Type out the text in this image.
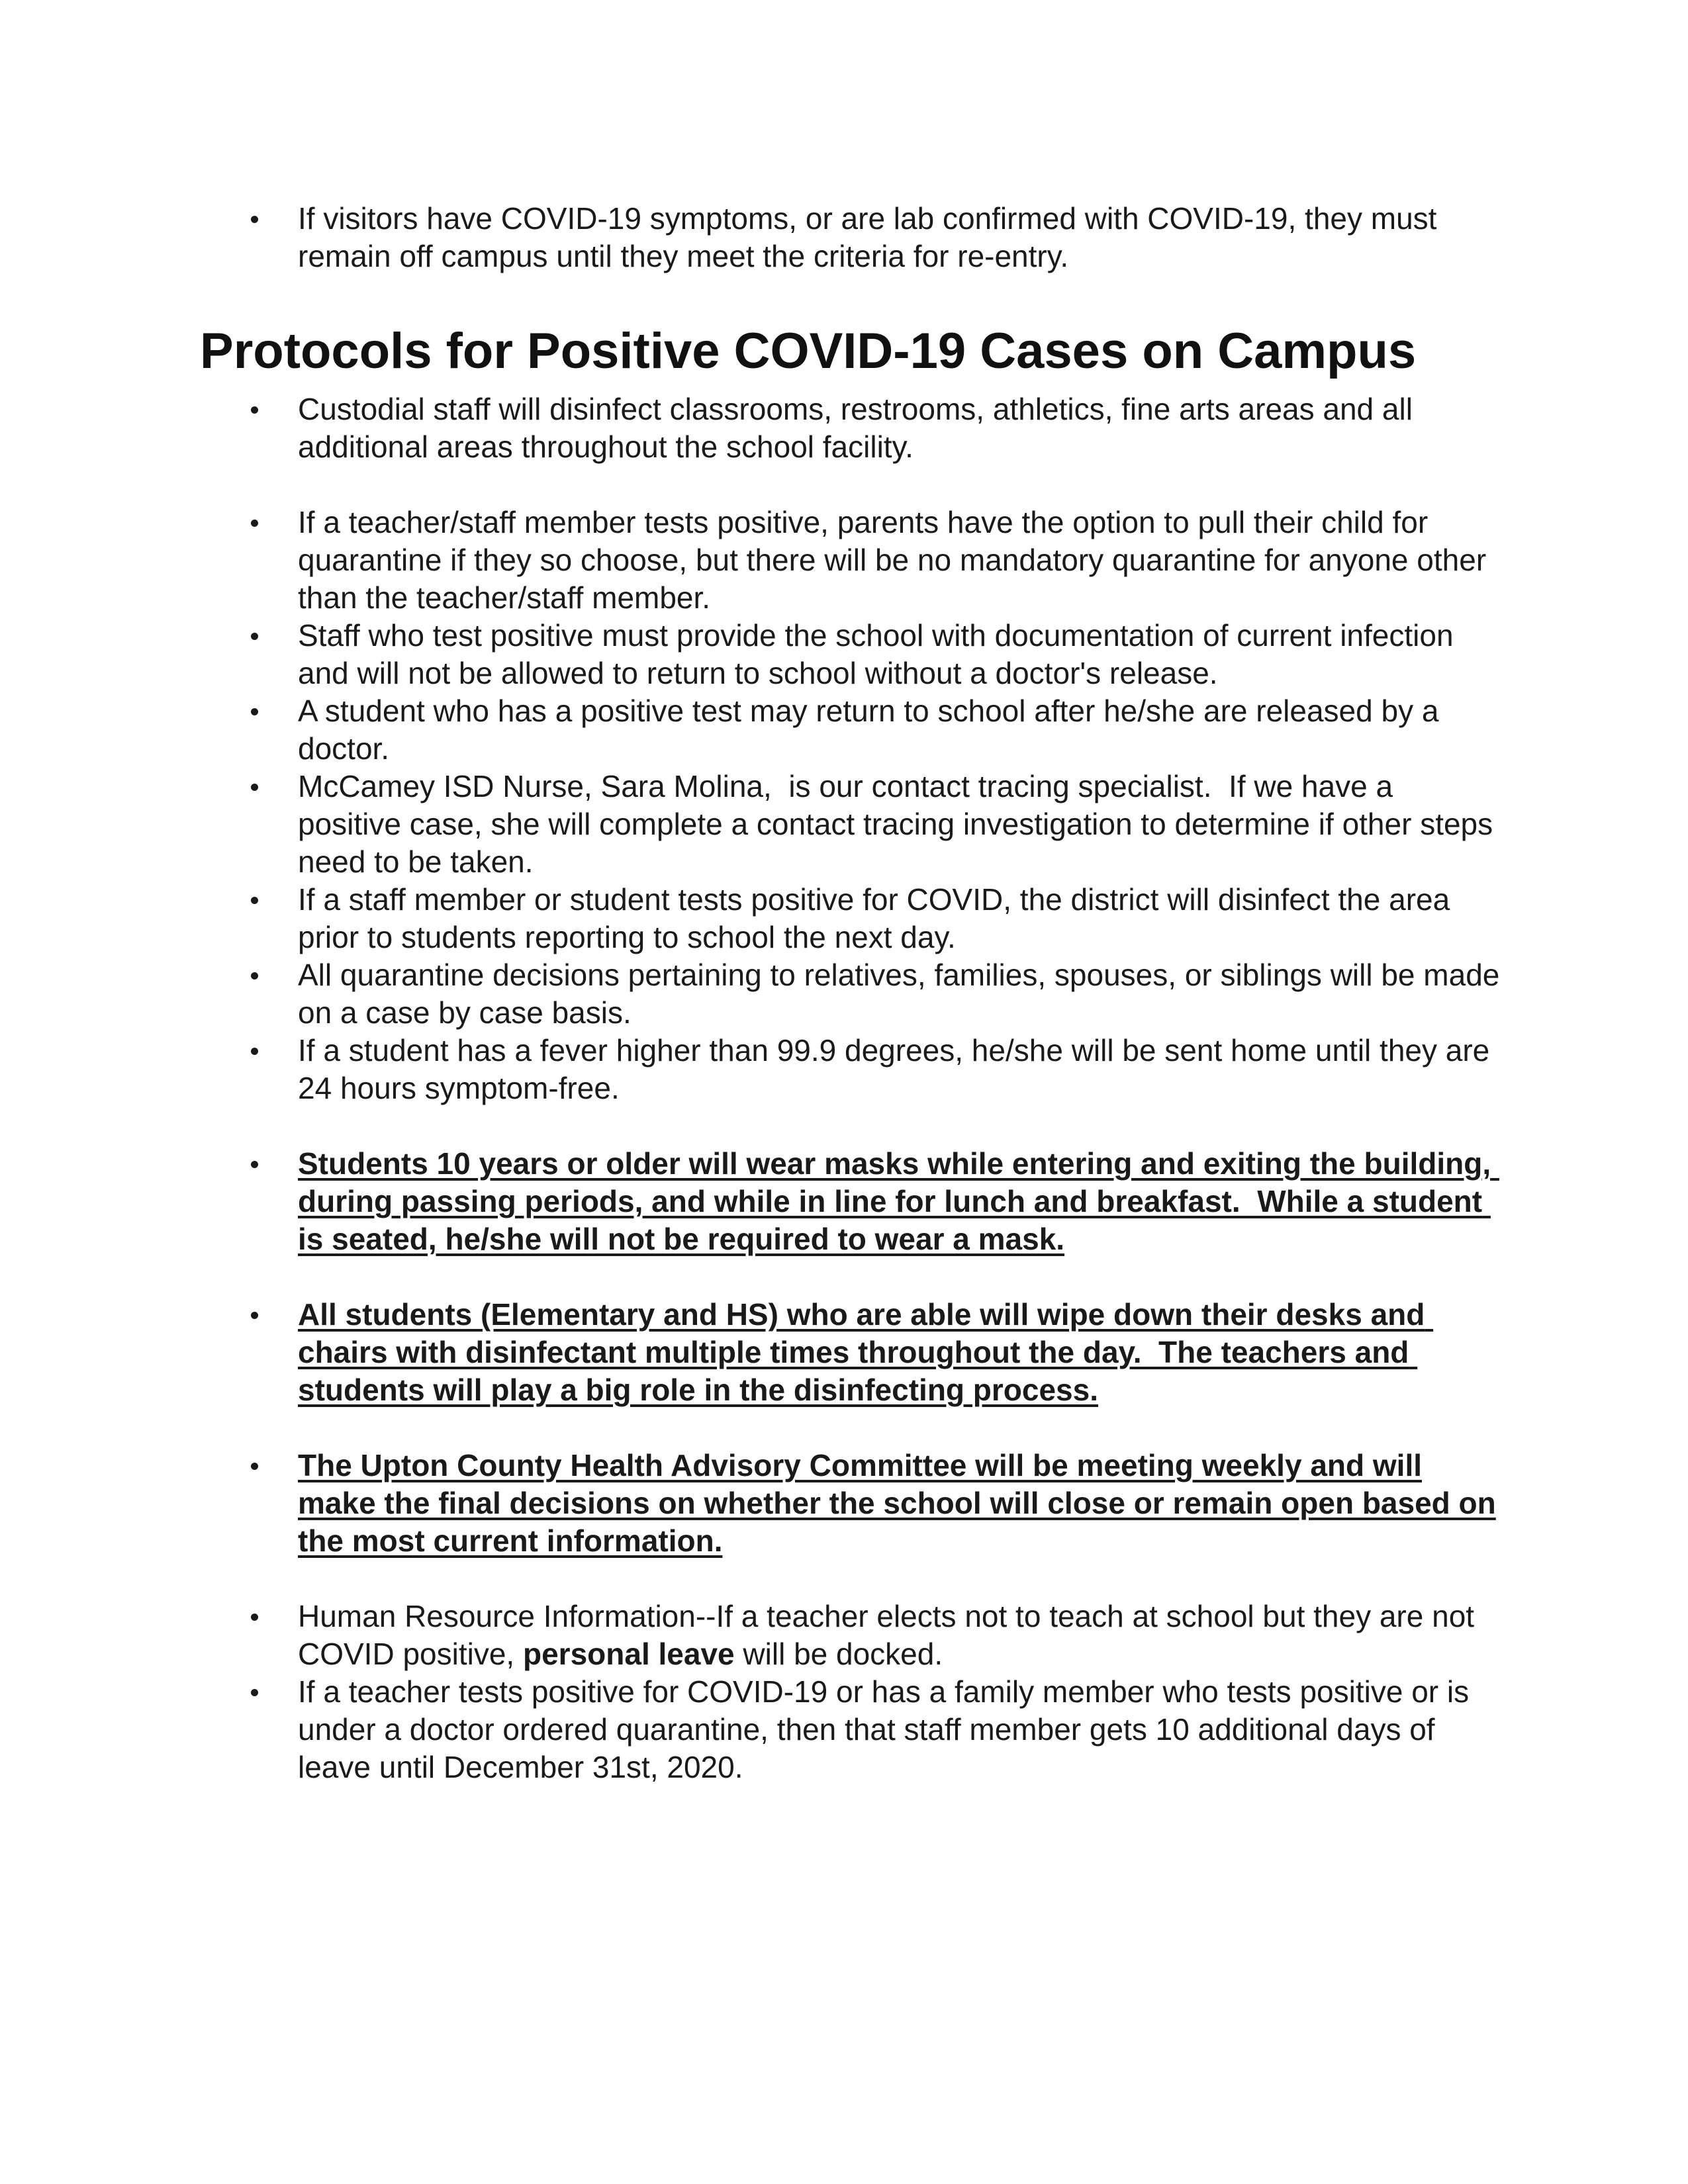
If visitors have COVID-19 symptoms, or are lab confirmed with COVID-19, they must remain off campus until they meet the criteria for re-entry.
Protocols for Positive COVID-19 Cases on Campus
Custodial staff will disinfect classrooms, restrooms, athletics, fine arts areas and all additional areas throughout the school facility.
If a teacher/staff member tests positive, parents have the option to pull their child for quarantine if they so choose, but there will be no mandatory quarantine for anyone other than the teacher/staff member.
Staff who test positive must provide the school with documentation of current infection and will not be allowed to return to school without a doctor's release.
A student who has a positive test may return to school after he/she are released by a doctor.
McCamey ISD Nurse, Sara Molina,  is our contact tracing specialist.  If we have a positive case, she will complete a contact tracing investigation to determine if other steps need to be taken.
If a staff member or student tests positive for COVID, the district will disinfect the area prior to students reporting to school the next day.
All quarantine decisions pertaining to relatives, families, spouses, or siblings will be made on a case by case basis.
If a student has a fever higher than 99.9 degrees, he/she will be sent home until they are 24 hours symptom-free.
Students 10 years or older will wear masks while entering and exiting the building, during passing periods, and while in line for lunch and breakfast.  While a student is seated, he/she will not be required to wear a mask.
All students (Elementary and HS) who are able will wipe down their desks and chairs with disinfectant multiple times throughout the day.  The teachers and students will play a big role in the disinfecting process.
The Upton County Health Advisory Committee will be meeting weekly and will make the final decisions on whether the school will close or remain open based on the most current information.
Human Resource Information--If a teacher elects not to teach at school but they are not COVID positive, personal leave will be docked.
If a teacher tests positive for COVID-19 or has a family member who tests positive or is under a doctor ordered quarantine, then that staff member gets 10 additional days of leave until December 31st, 2020.
